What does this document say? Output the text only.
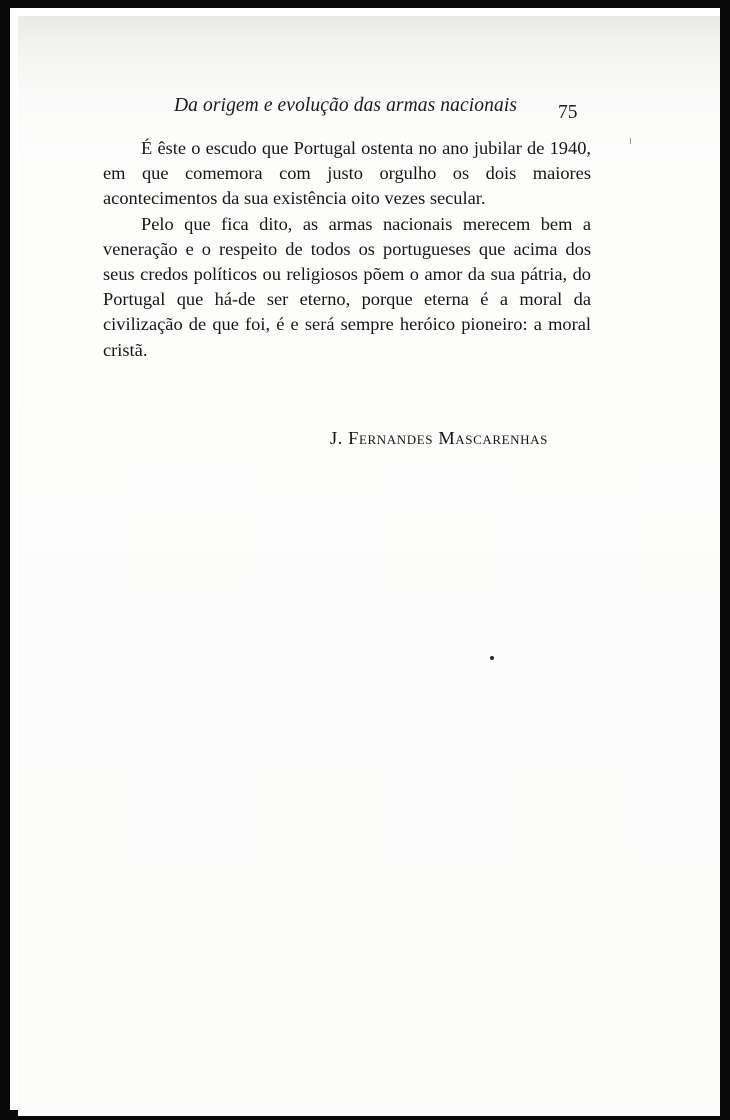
Da origem e evolução das armas nacionais 75

É êste o escudo que Portugal ostenta no ano jubilar de 1940, em que comemora com justo orgulho os dois maiores acontecimentos da sua existência oito vezes secular.

Pelo que fica dito, as armas nacionais merecem bem a veneração e o respeito de todos os portugueses que acima dos seus credos políticos ou religiosos põem o amor da sua pátria, do Portugal que há-de ser eterno, porque eterna é a moral da civilização de que foi, é e será sempre heróico pioneiro: a moral cristã.

J. Fernandes Mascarenhas
